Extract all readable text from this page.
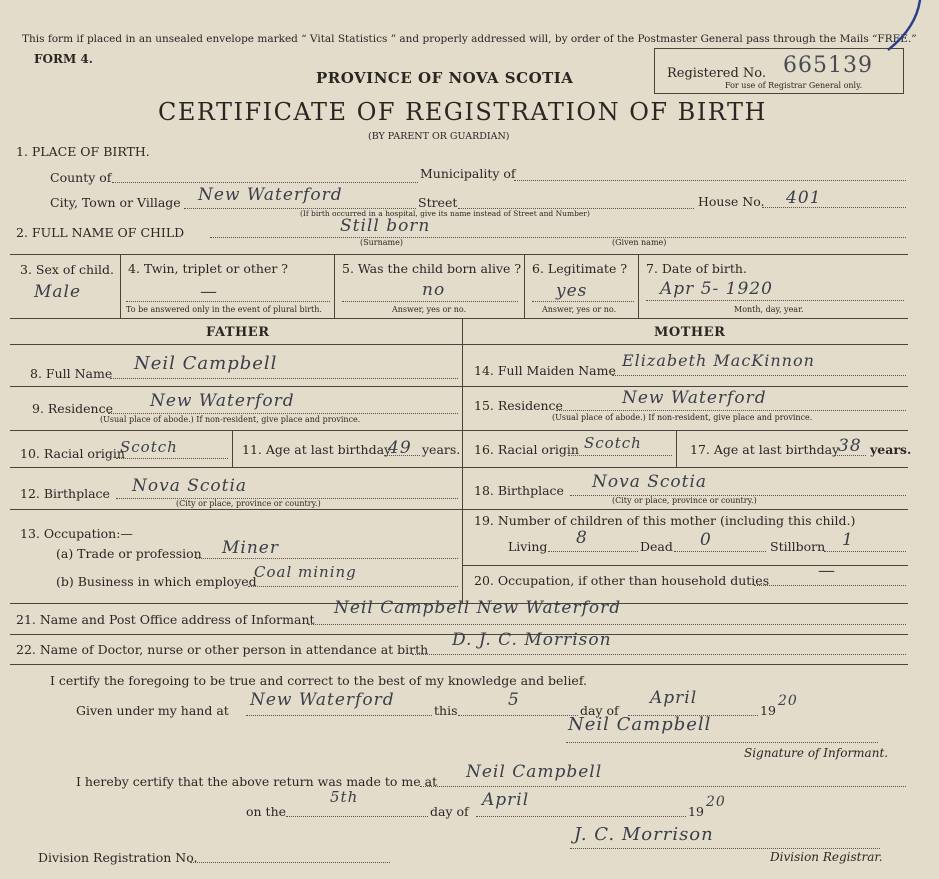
This form if placed in an unsealed envelope marked “ Vital Statistics ” and properly addressed will, by order of the Postmaster General pass through the Mails “FREE.”
FORM 4.
PROVINCE OF NOVA SCOTIA
CERTIFICATE OF REGISTRATION OF BIRTH
(BY PARENT OR GUARDIAN)
Registered No. 665139
For use of Registrar General only.
1. PLACE OF BIRTH.
County of	Municipality of
City, Town or Village New Waterford	Street
(If birth occurred in a hospital, give its name instead of Street and Number)
House No. 401
2. FULL NAME OF CHILD	Still born
(Surname)	(Given name)
3. Sex of child.
Male
4. Twin, triplet or other ?
—
To be answered only in the event of plural birth.
5. Was the child born alive ?
no
Answer, yes or no.
6. Legitimate ?
yes
Answer, yes or no.
7. Date of birth.
Apr 5- 1920
Month, day, year.
FATHER	MOTHER
8. Full Name Neil Campbell
9. Residence New Waterford
(Usual place of abode.) If non-resident, give place and province.
10. Racial origin
Scotch	11. Age at last birthday
49 years.
12. Birthplace Nova Scotia
(City or place, province or country.)
13. Occupation:—
(a) Trade or profession Miner
(b) Business in which employed
Coal mining
14. Full Maiden Name
Elizabeth MacKinnon
15. Residence	New Waterford
(Usual place of abode.) If non-resident, give place and province.
16. Racial origin Scotch	17. Age at last birthday
38 years.
18. Birthplace Nova Scotia
(City or place, province or country.)
19. Number of children of this mother (including this child.)
Living 8	Dead 0	Stillborn 1
20. Occupation, if other than household duties	—
21. Name and Post Office address of Informant
Neil Campbell New Waterford
22. Name of Doctor, nurse or other person in attendance at birth D. J. C. Morrison
I certify the foregoing to be true and correct to the best of my knowledge and belief.
Given under my hand at
New Waterford
this
5
day of
April
19
20
Neil Campbell
Signature of Informant.
I hereby certify that the above return was made to me at Neil Campbell
on the
5th
day of
April
19
20
J. C. Morrison
Division Registrar.
Division Registration No.
